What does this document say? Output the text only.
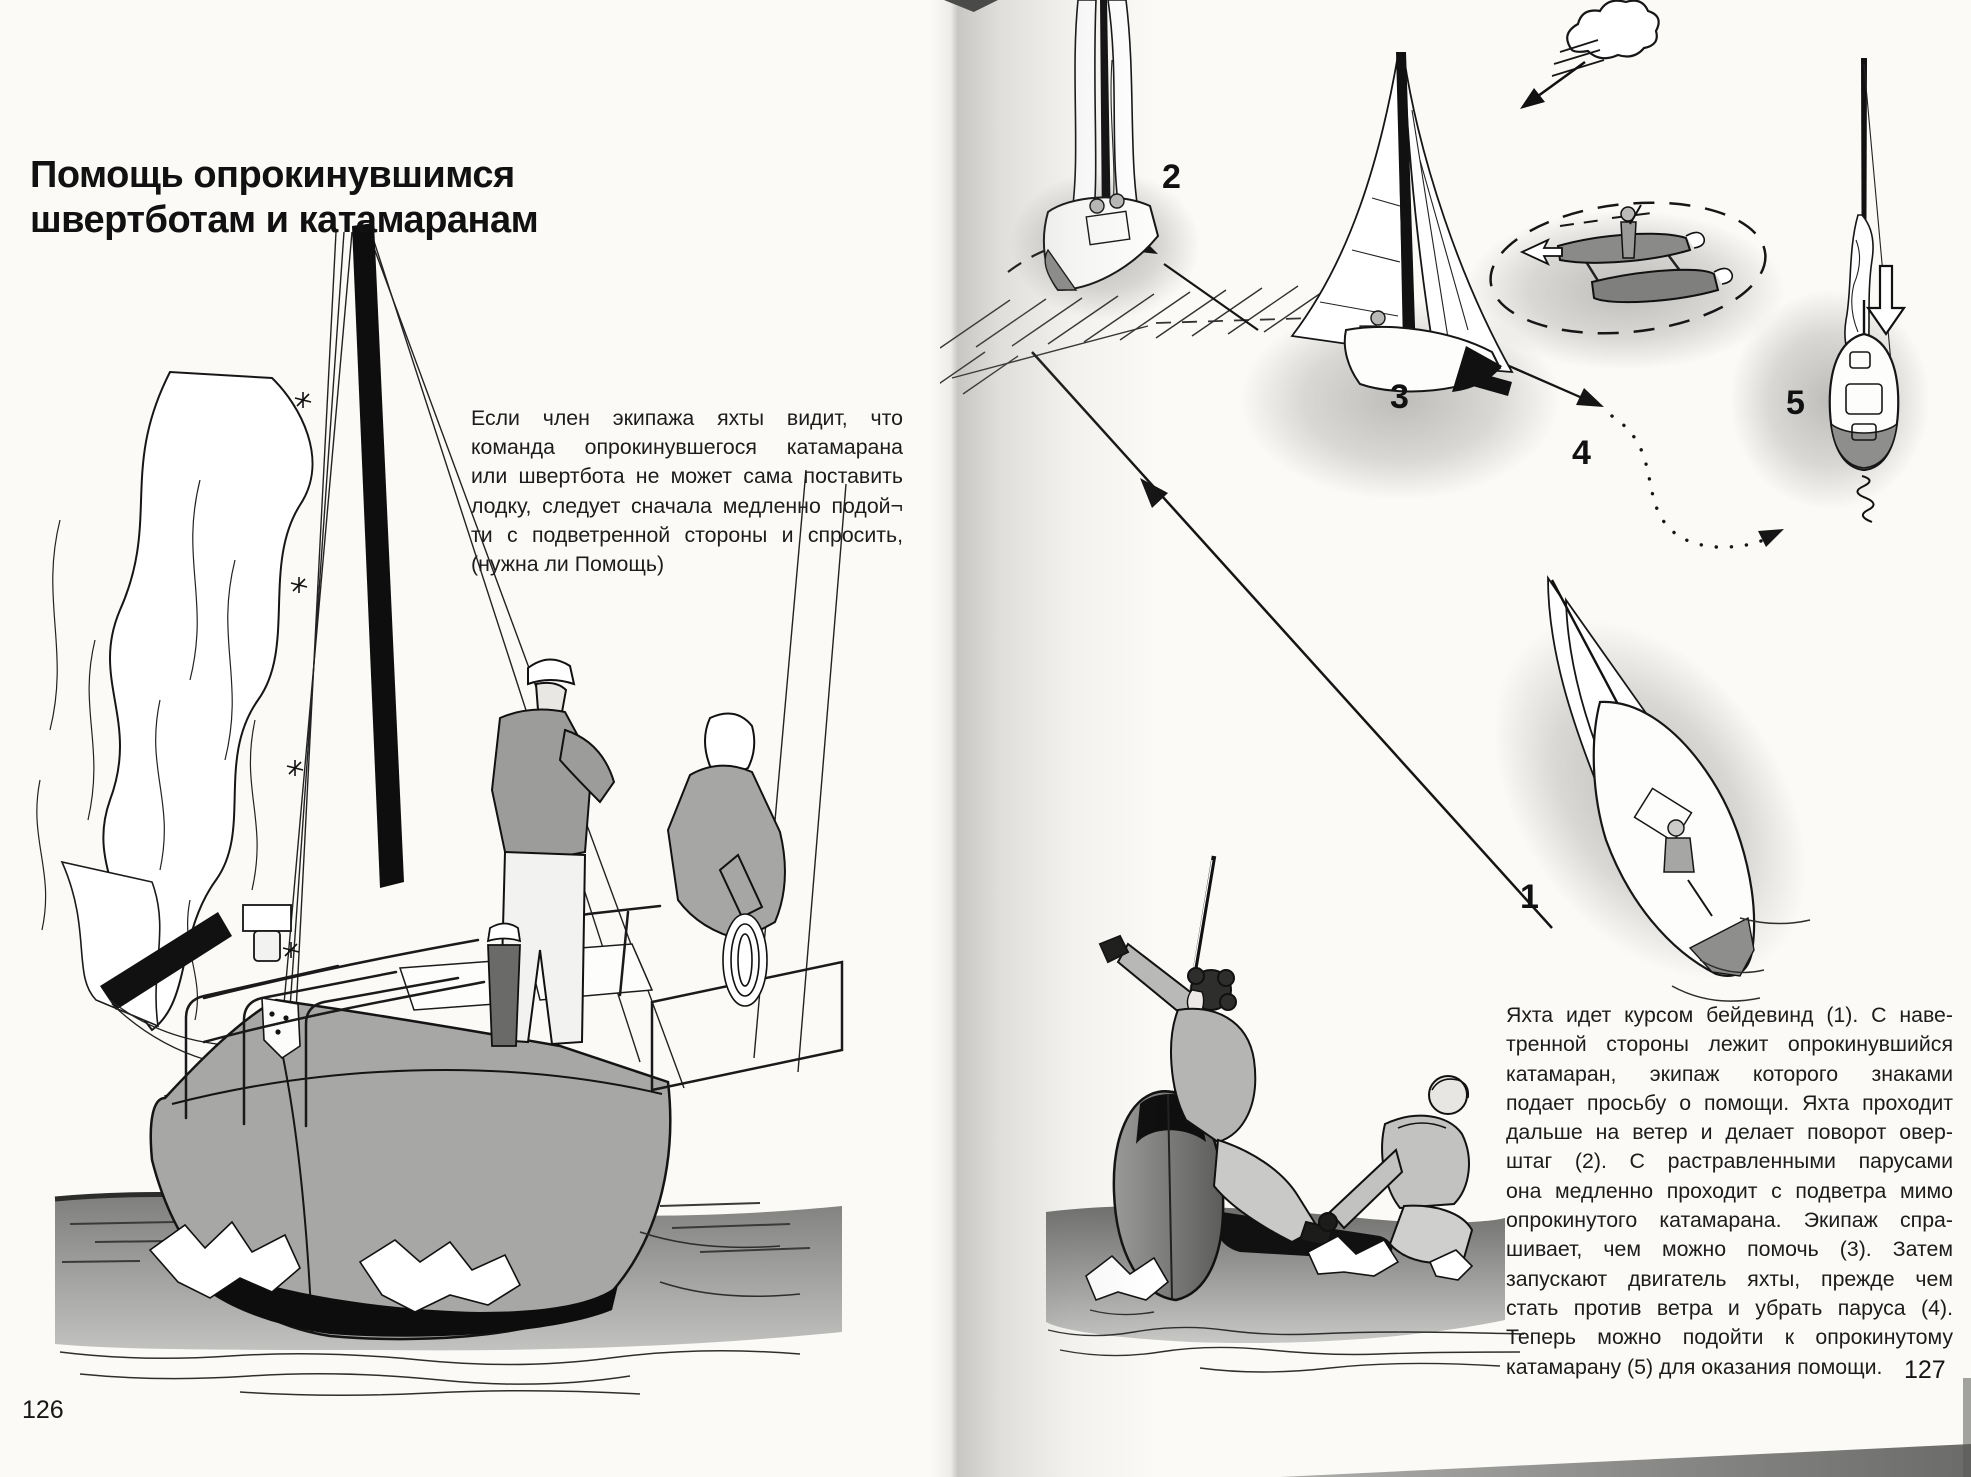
2
3
4
5
1
Помощь опрокинувшимся
швертботам и катамаранам
Если член экипажа яхты видит, что
команда опрокинувшегося катамарана
или швертбота не может сама поставить
лодку, следует сначала медленно подой¬
ти с подветренной стороны и спросить,
(нужна ли Помощь)
Яхта идет курсом бейдевинд (1). С наве-
тренной стороны лежит опрокинувшийся
катамаран, экипаж которого знаками
подает просьбу о помощи. Яхта проходит
дальше на ветер и делает поворот овер-
штаг (2). С растравленными парусами
она медленно проходит с подветра мимо
опрокинутого катамарана. Экипаж спра-
шивает, чем можно помочь (3). Затем
запускают двигатель яхты, прежде чем
стать против ветра и убрать паруса (4).
Теперь можно подойти к опрокинутому
катамарану (5) для оказания помощи.
126
127
